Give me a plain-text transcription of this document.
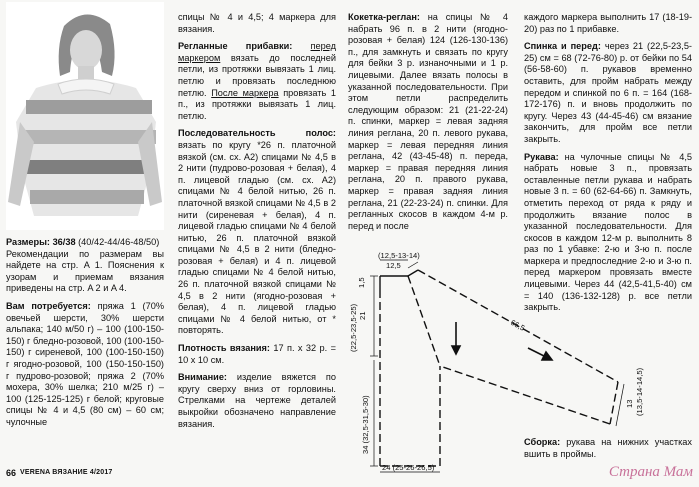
Размеры: 36/38 (40/42-44/46-48/50)
Рекомендации по размерам вы найдете на стр. A 1. Пояснения к узорам и приемам вязания приведены на стр. A 2 и A 4.

Вам потребуется: пряжа 1 (70% овечьей шерсти, 30% шерсти альпака; 140 м/50 г) – 100 (100-150-150) г бледно-розовой, 100 (100-150-150) г сиреневой, 100 (100-150-150) г ягодно-розовой, 100 (150-150-150) г пудрово-розовой; пряжа 2 (70% мохера, 30% шелка; 210 м/25 г) – 100 (125-125-125) г белой; круговые спицы № 4 и 4,5 (80 см) – 60 см; чулочные

спицы № 4 и 4,5; 4 маркера для вязания.

Регланные прибавки: перед маркером вязать до последней петли, из протяжки вывязать 1 лиц. петлю и провязать последнюю петлю. После маркера провязать 1 п., из протяжки вывязать 1 лиц. петлю.

Последовательность полос: вязать по кругу *26 п. платочной вязкой (см. cx. A2) спицами № 4,5 в 2 нити (пудрово-розовая + белая), 4 п. лицевой гладью (см. cx. A2) спицами № 4 белой нитью, 26 п. платочной вязкой спицами № 4,5 в 2 нити (сиреневая + белая), 4 п. лицевой гладью спицами № 4 белой нитью, 26 п. платочной вязкой спицами № 4,5 в 2 нити (бледно-розовая + белая) и 4 п. лицевой гладью спицами № 4 белой нитью, 26 п. платочной вязкой спицами № 4,5 в 2 нити (ягодно-розовая + белая), 4 п. лицевой гладью спицами № 4 белой нитью, от * повторять.

Плотность вязания: 17 п. x 32 р. = 10 x 10 см.

Внимание: изделие вяжется по кругу сверху вниз от горловины. Стрелками на чертеже деталей выкройки обозначено направление вязания.

Кокетка-реглан: на спицы № 4 набрать 96 п. в 2 нити (ягодно-розовая + белая) 124 (126-130-136) п., для замкнуть и связать по кругу для бейки 3 р. изнаночными и 1 р. лицевыми. Далее вязать полосы в указанной последовательности. При этом петли распределить следующим образом: 21 (21-22-24) п. спинки, маркер = левая задняя линия реглана, 20 п. левого рукава, маркер = левая передняя линия реглана, 42 (43-45-48) п. переда, маркер = правая передняя линия реглана, 20 п. правого рукава, маркер = правая задняя линия реглана, 21 (22-23-24) п. спинки. Для регланных скосов в каждом 4-м р. перед и после

каждого маркера выполнить 17 (18-19-20) раз по 1 прибавке.

Спинка и перед: через 21 (22,5-23,5-25) см = 68 (72-76-80) р. от бейки по 54 (56-58-60) п. рукавов временно оставить, для пройм набрать между передом и спинкой по 6 п. = 164 (168-172-176) п. и вновь продолжить по кругу. Через 43 (44-45-46) см вязание закончить, для пройм все петли закрыть.

Рукава: на чулочные спицы № 4,5 набрать новые 3 п., провязать оставленные петли рукава и набрать новые 3 п. = 60 (62-64-66) п. Замкнуть, отметить переход от ряда к ряду и продолжить вязание полос в указанной последовательности. Для скосов в каждом 12-м р. выполнить 8 раз по 1 убавке: 2-ю и 3-ю п. после маркера и предпоследние 2-ю и 3-ю п. перед маркером провязать вместе лицевыми. Через 44 (42,5-41,5-40) см = 140 (136-132-128) р. все петли закрыть.

Сборка: рукава на нижних участках вшить в проймы.

(12,5-13-14)
12,5
1,5
(22,5-23,5-25) 21
34 (32,5-31,5-30)
24 (25-26-26,5)
66,5
(13,5-14-14,5)
13
66 VERENA ВЯЗАНИЕ 4/2017	Страна Мам
